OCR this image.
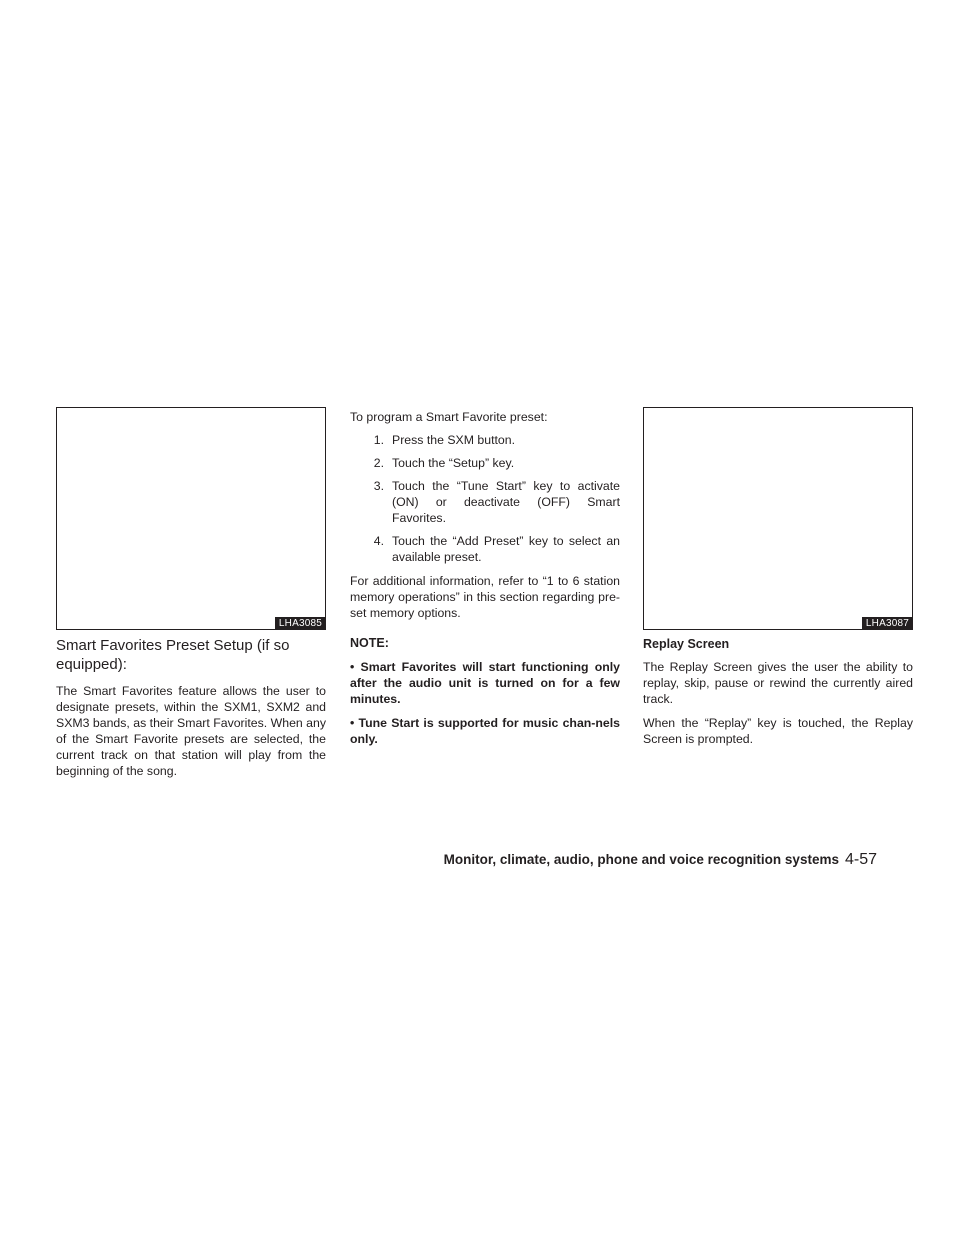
LHA3085	LHA3087
Smart Favorites Preset Setup (if so equipped):

The Smart Favorites feature allows the user to designate presets, within the SXM1, SXM2 and SXM3 bands, as their Smart Favorites. When any of the Smart Favorite presets are selected, the current track on that station will play from the beginning of the song.

To program a Smart Favorite preset:

1. Press the SXM button.
2. Touch the “Setup” key.
3. Touch the “Tune Start” key to activate (ON) or deactivate (OFF) Smart Favorites.
4. Touch the “Add Preset” key to select an available preset.

For additional information, refer to “1 to 6 station memory operations” in this section regarding pre-set memory options.

NOTE:

• Smart Favorites will start functioning only after the audio unit is turned on for a few minutes.

• Tune Start is supported for music chan-nels only.

Replay Screen

The Replay Screen gives the user the ability to replay, skip, pause or rewind the currently aired track.

When the “Replay” key is touched, the Replay Screen is prompted.

Monitor, climate, audio, phone and voice recognition systems 4-57
